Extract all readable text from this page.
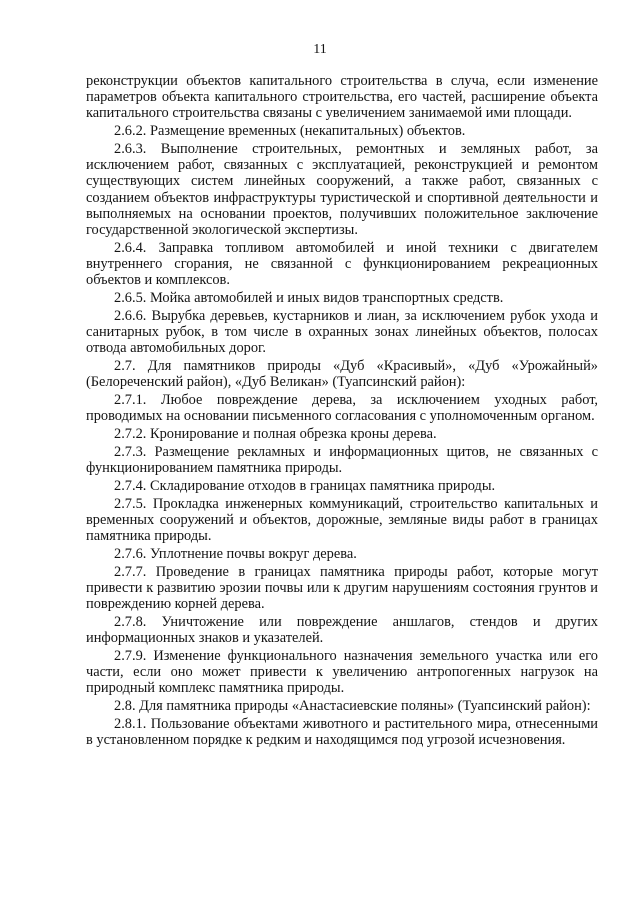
11

реконструкции объектов капитального строительства в случа, если изменение параметров объекта капитального строительства, его частей, расширение объекта капитального строительства связаны с увеличением занимаемой ими площади.

2.6.2. Размещение временных (некапитальных) объектов.

2.6.3. Выполнение строительных, ремонтных и земляных работ, за исключением работ, связанных с эксплуатацией, реконструкцией и ремонтом существующих систем линейных сооружений, а также работ, связанных с созданием объектов инфраструктуры туристической и спортивной деятельности и выполняемых на основании проектов, получивших положительное заключение государственной экологической экспертизы.

2.6.4. Заправка топливом автомобилей и иной техники с двигателем внутреннего сгорания, не связанной с функционированием рекреационных объектов и комплексов.

2.6.5. Мойка автомобилей и иных видов транспортных средств.

2.6.6. Вырубка деревьев, кустарников и лиан, за исключением рубок ухода и санитарных рубок, в том числе в охранных зонах линейных объектов, полосах отвода автомобильных дорог.

2.7. Для памятников природы «Дуб «Красивый», «Дуб «Урожайный» (Белореченский район), «Дуб Великан» (Туапсинский район):

2.7.1. Любое повреждение дерева, за исключением уходных работ, проводимых на основании письменного согласования с уполномоченным органом.

2.7.2. Кронирование и полная обрезка кроны дерева.

2.7.3. Размещение рекламных и информационных щитов, не связанных с функционированием памятника природы.

2.7.4. Складирование отходов в границах памятника природы.

2.7.5. Прокладка инженерных коммуникаций, строительство капитальных и временных сооружений и объектов, дорожные, земляные виды работ в границах памятника природы.

2.7.6. Уплотнение почвы вокруг дерева.

2.7.7. Проведение в границах памятника природы работ, которые могут привести к развитию эрозии почвы или к другим нарушениям состояния грунтов и повреждению корней дерева.

2.7.8. Уничтожение или повреждение аншлагов, стендов и других информационных знаков и указателей.

2.7.9. Изменение функционального назначения земельного участка или его части, если оно может привести к увеличению антропогенных нагрузок на природный комплекс памятника природы.

2.8. Для памятника природы «Анастасиевские поляны» (Туапсинский район):

2.8.1. Пользование объектами животного и растительного мира, отнесенными в установленном порядке к редким и находящимся под угрозой исчезновения.
